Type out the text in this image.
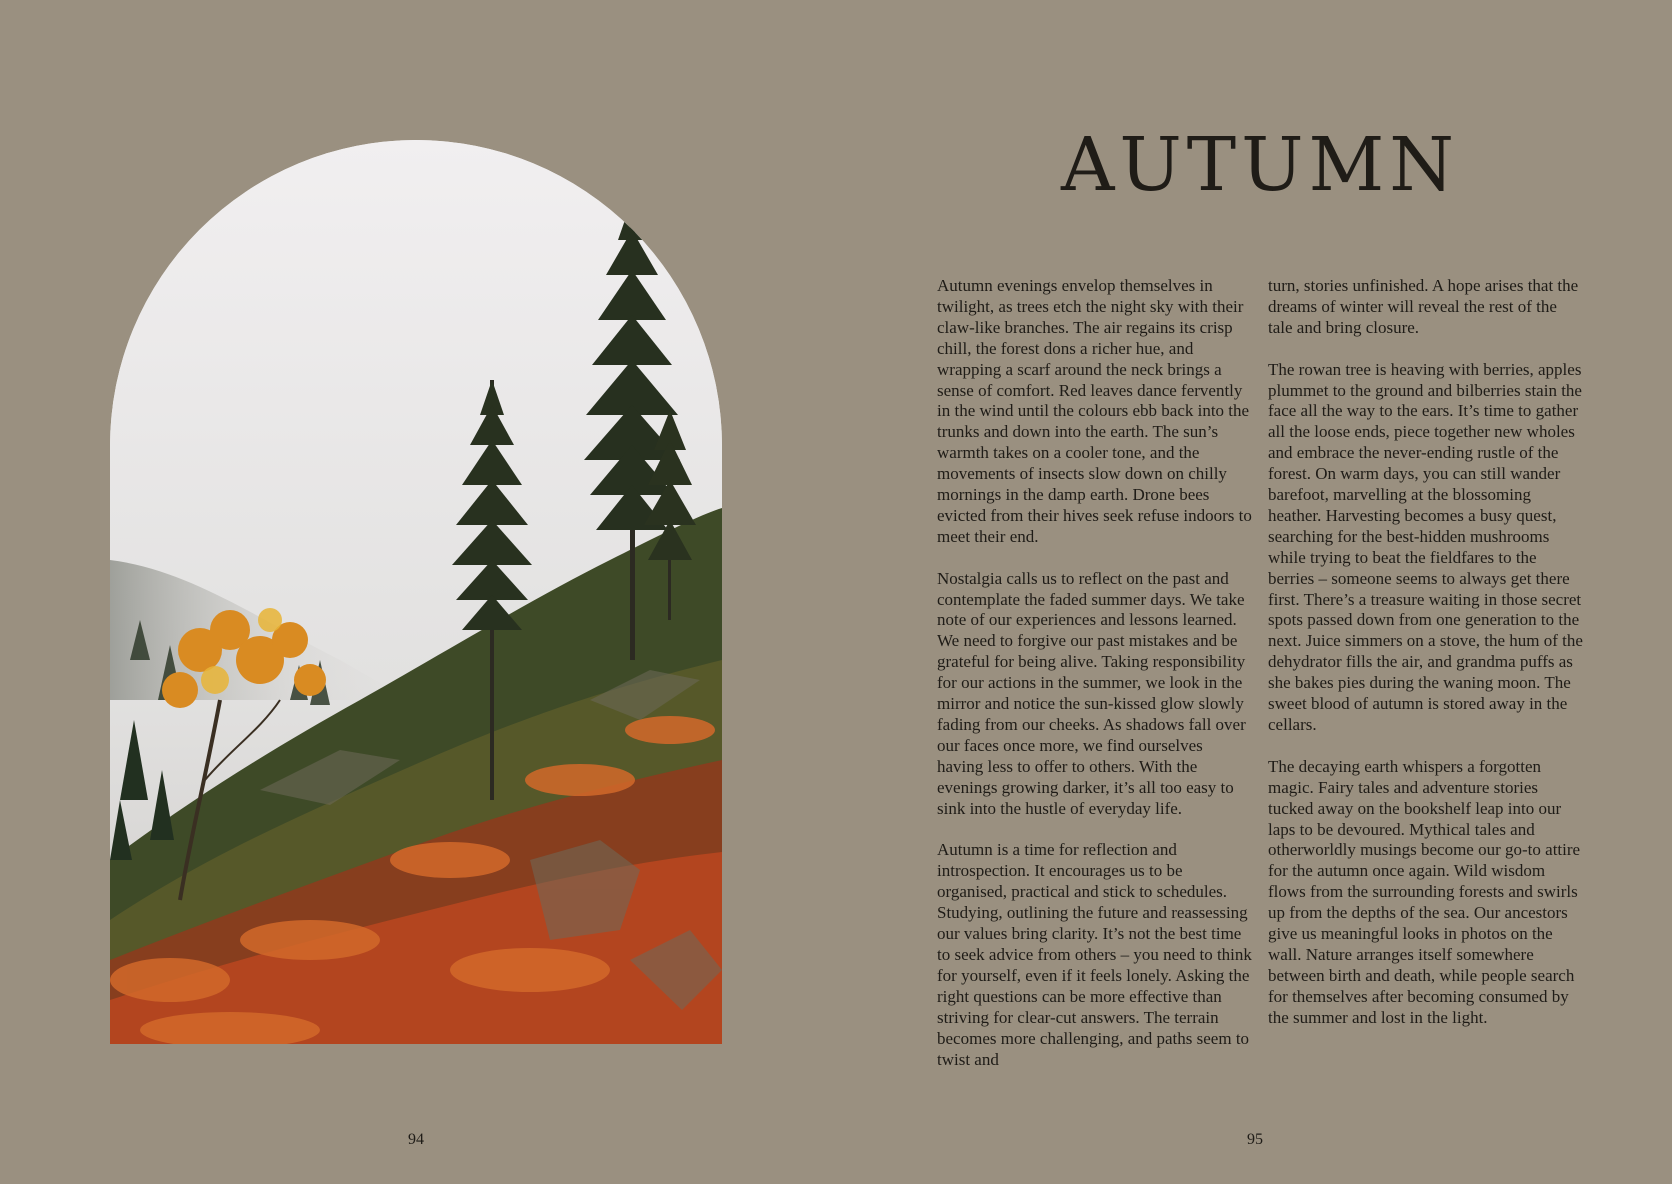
94
AUTUMN

Autumn evenings envelop themselves in twilight, as trees etch the night sky with their claw-like branches. The air regains its crisp chill, the forest dons a richer hue, and wrapping a scarf around the neck brings a sense of comfort. Red leaves dance fervently in the wind until the colours ebb back into the trunks and down into the earth. The sun’s warmth takes on a cooler tone, and the movements of insects slow down on chilly mornings in the damp earth. Drone bees evicted from their hives seek refuse indoors to meet their end.

Nostalgia calls us to reflect on the past and contemplate the faded summer days. We take note of our experiences and lessons learned. We need to forgive our past mistakes and be grateful for being alive. Taking responsibility for our actions in the summer, we look in the mirror and notice the sun-kissed glow slowly fading from our cheeks. As shadows fall over our faces once more, we find ourselves having less to offer to others. With the evenings growing darker, it’s all too easy to sink into the hustle of everyday life.

Autumn is a time for reflection and introspection. It encourages us to be organised, practical and stick to schedules. Studying, outlining the future and reassessing our values bring clarity. It’s not the best time to seek advice from others – you need to think for yourself, even if it feels lonely. Asking the right questions can be more effective than striving for clear-cut answers. The terrain becomes more challenging, and paths seem to twist and

turn, stories unfinished. A hope arises that the dreams of winter will reveal the rest of the tale and bring closure.

The rowan tree is heaving with berries, apples plummet to the ground and bilberries stain the face all the way to the ears. It’s time to gather all the loose ends, piece together new wholes and embrace the never-ending rustle of the forest. On warm days, you can still wander barefoot, marvelling at the blossoming heather. Harvesting becomes a busy quest, searching for the best-hidden mushrooms while trying to beat the fieldfares to the berries – someone seems to always get there first. There’s a treasure waiting in those secret spots passed down from one generation to the next. Juice simmers on a stove, the hum of the dehydrator fills the air, and grandma puffs as she bakes pies during the waning moon. The sweet blood of autumn is stored away in the cellars.

The decaying earth whispers a forgotten magic. Fairy tales and adventure stories tucked away on the bookshelf leap into our laps to be devoured. Mythical tales and otherworldly musings become our go-to attire for the autumn once again. Wild wisdom flows from the surrounding forests and swirls up from the depths of the sea. Our ancestors give us meaningful looks in photos on the wall. Nature arranges itself somewhere between birth and death, while people search for themselves after becoming consumed by the summer and lost in the light.

95
